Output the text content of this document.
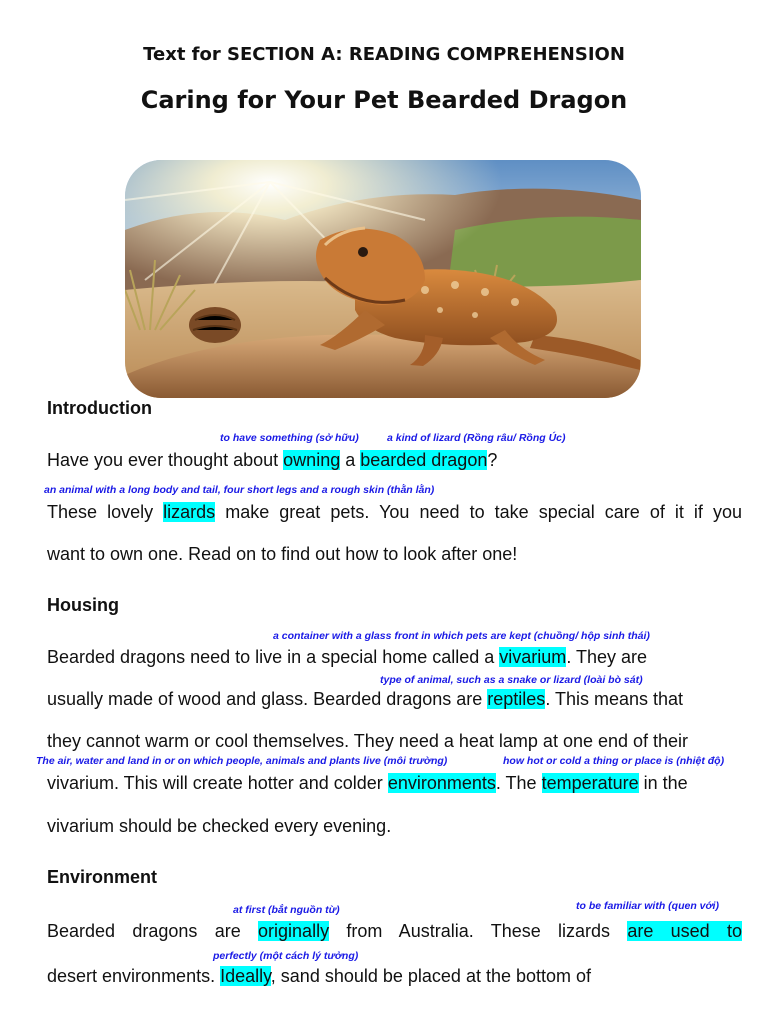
Text for SECTION A: READING COMPREHENSION
Caring for Your Pet Bearded Dragon
Introduction
to have something (sở hữu)	a kind of lizard (Rồng râu/ Rồng Úc)
Have you ever thought about owning a bearded dragon?
an animal with a long body and tail, four short legs and a rough skin (thằn lằn)
These lovely lizards make great pets. You need to take special care of it if you
want to own one. Read on to find out how to look after one!
Housing
a container with a glass front in which pets are kept (chuồng/ hộp sinh thái)
Bearded dragons need to live in a special home called a vivarium. They are
type of animal, such as a snake or lizard (loài bò sát)
usually made of wood and glass. Bearded dragons are reptiles. This means that
they cannot warm or cool themselves. They need a heat lamp at one end of their
The air, water and land in or on which people, animals and plants live (môi trường)	how hot or cold a thing or place is (nhiệt độ)
vivarium. This will create hotter and colder environments. The temperature in the
vivarium should be checked every evening.
Environment
at first (bắt nguồn từ)	to be familiar with (quen với)
Bearded dragons are originally from Australia. These lizards are used to
perfectly (một cách lý tưởng)
desert environments. Ideally, sand should be placed at the bottom of
